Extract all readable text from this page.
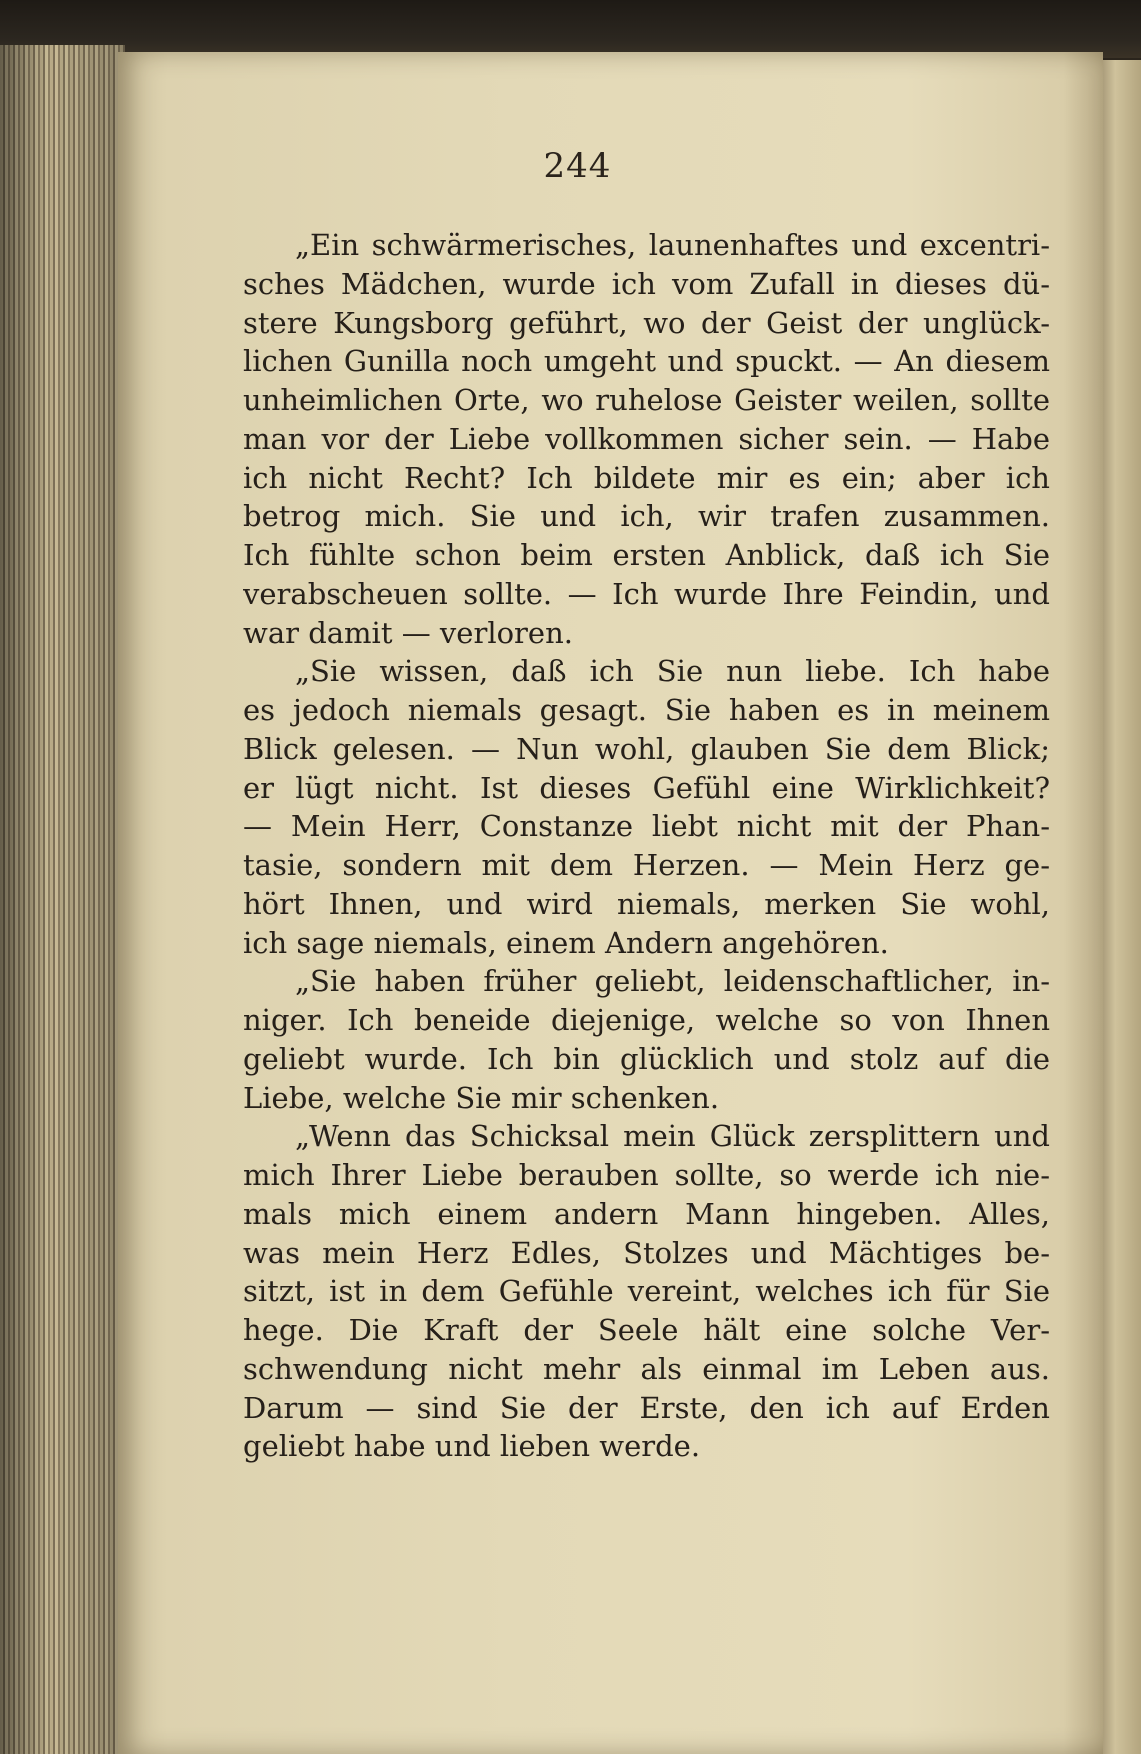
244
„Ein schwärmerisches, launenhaftes und excentri-
sches Mädchen, wurde ich vom Zufall in dieses dü-
stere Kungsborg geführt, wo der Geist der unglück-
lichen Gunilla noch umgeht und spuckt. — An diesem
unheimlichen Orte, wo ruhelose Geister weilen, sollte
man vor der Liebe vollkommen sicher sein. — Habe
ich nicht Recht? Ich bildete mir es ein; aber ich
betrog mich. Sie und ich, wir trafen zusammen.
Ich fühlte schon beim ersten Anblick, daß ich Sie
verabscheuen sollte. — Ich wurde Ihre Feindin, und
war damit — verloren.
„Sie wissen, daß ich Sie nun liebe. Ich habe
es jedoch niemals gesagt. Sie haben es in meinem
Blick gelesen. — Nun wohl, glauben Sie dem Blick;
er lügt nicht. Ist dieses Gefühl eine Wirklichkeit?
— Mein Herr, Constanze liebt nicht mit der Phan-
tasie, sondern mit dem Herzen. — Mein Herz ge-
hört Ihnen, und wird niemals, merken Sie wohl,
ich sage niemals, einem Andern angehören.
„Sie haben früher geliebt, leidenschaftlicher, in-
niger. Ich beneide diejenige, welche so von Ihnen
geliebt wurde. Ich bin glücklich und stolz auf die
Liebe, welche Sie mir schenken.
„Wenn das Schicksal mein Glück zersplittern und
mich Ihrer Liebe berauben sollte, so werde ich nie-
mals mich einem andern Mann hingeben. Alles,
was mein Herz Edles, Stolzes und Mächtiges be-
sitzt, ist in dem Gefühle vereint, welches ich für Sie
hege. Die Kraft der Seele hält eine solche Ver-
schwendung nicht mehr als einmal im Leben aus.
Darum — sind Sie der Erste, den ich auf Erden
geliebt habe und lieben werde.
